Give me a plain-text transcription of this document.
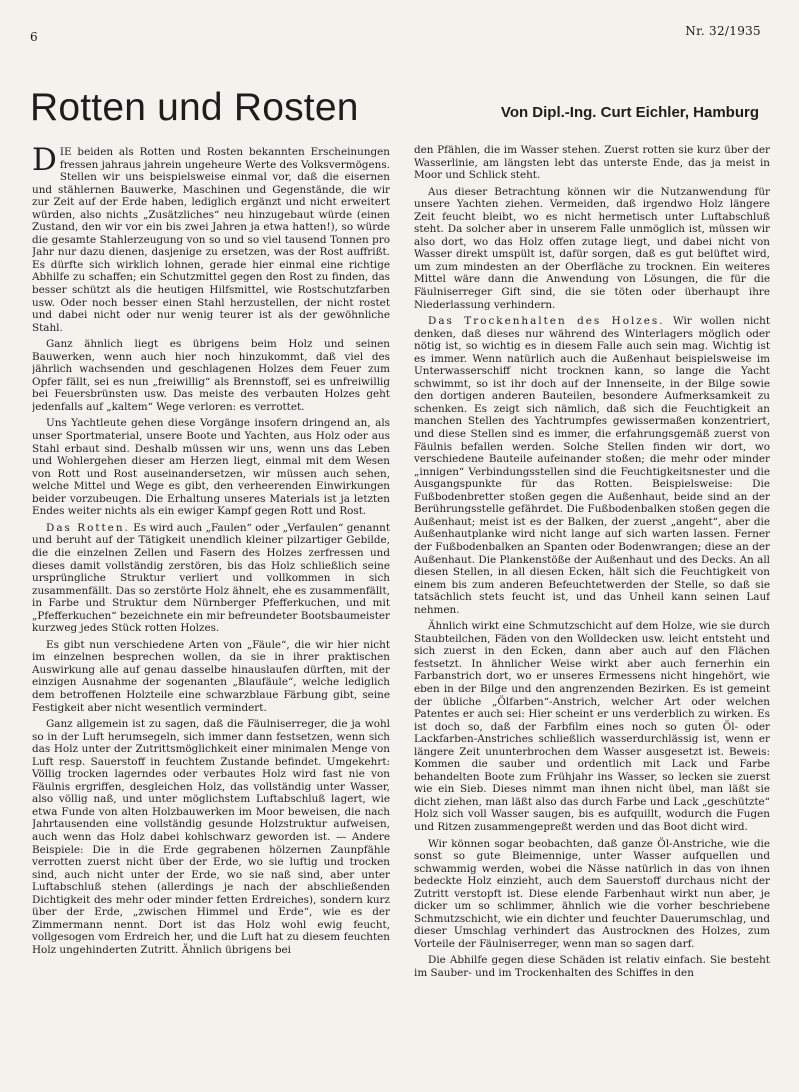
6	Nr. 32/1935
Rotten und Rosten	Von Dipl.-Ing. Curt Eichler, Hamburg

DIE beiden als Rotten und Rosten bekannten Erscheinungen fressen jahraus jahrein ungeheure Werte des Volksvermögens. Stellen wir uns beispielsweise einmal vor, daß die eisernen und stählernen Bauwerke, Maschinen und Gegenstände, die wir zur Zeit auf der Erde haben, lediglich ergänzt und nicht erweitert würden, also nichts „Zusätzliches“ neu hinzugebaut würde (einen Zustand, den wir vor ein bis zwei Jahren ja etwa hatten!), so würde die gesamte Stahlerzeugung von so und so viel tausend Tonnen pro Jahr nur dazu dienen, dasjenige zu ersetzen, was der Rost auffrißt. Es dürfte sich wirklich lohnen, gerade hier einmal eine richtige Abhilfe zu schaffen; ein Schutzmittel gegen den Rost zu finden, das besser schützt als die heutigen Hilfsmittel, wie Rostschutzfarben usw. Oder noch besser einen Stahl herzustellen, der nicht rostet und dabei nicht oder nur wenig teurer ist als der gewöhnliche Stahl.

Ganz ähnlich liegt es übrigens beim Holz und seinen Bauwerken, wenn auch hier noch hinzukommt, daß viel des jährlich wachsenden und geschlagenen Holzes dem Feuer zum Opfer fällt, sei es nun „freiwillig“ als Brennstoff, sei es unfreiwillig bei Feuersbrünsten usw. Das meiste des verbauten Holzes geht jedenfalls auf „kaltem“ Wege verloren: es verrottet.

Uns Yachtleute gehen diese Vorgänge insofern dringend an, als unser Sportmaterial, unsere Boote und Yachten, aus Holz oder aus Stahl erbaut sind. Deshalb müssen wir uns, wenn uns das Leben und Wohlergehen dieser am Herzen liegt, einmal mit dem Wesen von Rott und Rost auseinandersetzen, wir müssen auch sehen, welche Mittel und Wege es gibt, den verheerenden Einwirkungen beider vorzubeugen. Die Erhaltung unseres Materials ist ja letzten Endes weiter nichts als ein ewiger Kampf gegen Rott und Rost.

Das Rotten. Es wird auch „Faulen“ oder „Verfaulen“ genannt und beruht auf der Tätigkeit unendlich kleiner pilzartiger Gebilde, die die einzelnen Zellen und Fasern des Holzes zerfressen und dieses damit vollständig zerstören, bis das Holz schließlich seine ursprüngliche Struktur verliert und vollkommen in sich zusammenfällt. Das so zerstörte Holz ähnelt, ehe es zusammenfällt, in Farbe und Struktur dem Nürnberger Pfefferkuchen, und mit „Pfefferkuchen“ bezeichnete ein mir befreundeter Bootsbaumeister kurzweg jedes Stück rotten Holzes.

Es gibt nun verschiedene Arten von „Fäule“, die wir hier nicht im einzelnen besprechen wollen, da sie in ihrer praktischen Auswirkung alle auf genau dasselbe hinauslaufen dürften, mit der einzigen Ausnahme der sogenanten „Blaufäule“, welche lediglich dem betroffenen Holzteile eine schwarzblaue Färbung gibt, seine Festigkeit aber nicht wesentlich vermindert.

Ganz allgemein ist zu sagen, daß die Fäulniserreger, die ja wohl so in der Luft herumsegeln, sich immer dann festsetzen, wenn sich das Holz unter der Zutrittsmöglichkeit einer minimalen Menge von Luft resp. Sauerstoff in feuchtem Zustande befindet. Umgekehrt: Völlig trocken lagerndes oder verbautes Holz wird fast nie von Fäulnis ergriffen, desgleichen Holz, das vollständig unter Wasser, also völlig naß, und unter möglichstem Luftabschluß lagert, wie etwa Funde von alten Holzbauwerken im Moor beweisen, die nach Jahrtausenden eine vollständig gesunde Holzstruktur aufweisen, auch wenn das Holz dabei kohlschwarz geworden ist. — Andere Beispiele: Die in die Erde gegrabenen hölzernen Zaunpfähle verrotten zuerst nicht über der Erde, wo sie luftig und trocken sind, auch nicht unter der Erde, wo sie naß sind, aber unter Luftabschluß stehen (allerdings je nach der abschließenden Dichtigkeit des mehr oder minder fetten Erdreiches), sondern kurz über der Erde, „zwischen Himmel und Erde“, wie es der Zimmermann nennt. Dort ist das Holz wohl ewig feucht, vollgesogen vom Erdreich her, und die Luft hat zu diesem feuchten Holz ungehinderten Zutritt. Ähnlich übrigens bei

den Pfählen, die im Wasser stehen. Zuerst rotten sie kurz über der Wasserlinie, am längsten lebt das unterste Ende, das ja meist in Moor und Schlick steht.

Aus dieser Betrachtung können wir die Nutzanwendung für unsere Yachten ziehen. Vermeiden, daß irgendwo Holz längere Zeit feucht bleibt, wo es nicht hermetisch unter Luftabschluß steht. Da solcher aber in unserem Falle unmöglich ist, müssen wir also dort, wo das Holz offen zutage liegt, und dabei nicht von Wasser direkt umspült ist, dafür sorgen, daß es gut belüftet wird, um zum mindesten an der Oberfläche zu trocknen. Ein weiteres Mittel wäre dann die Anwendung von Lösungen, die für die Fäulniserreger Gift sind, die sie töten oder überhaupt ihre Niederlassung verhindern.

Das Trockenhalten des Holzes. Wir wollen nicht denken, daß dieses nur während des Winterlagers möglich oder nötig ist, so wichtig es in diesem Falle auch sein mag. Wichtig ist es immer. Wenn natürlich auch die Außenhaut beispielsweise im Unterwasserschiff nicht trocknen kann, so lange die Yacht schwimmt, so ist ihr doch auf der Innenseite, in der Bilge sowie den dortigen anderen Bauteilen, besondere Aufmerksamkeit zu schenken. Es zeigt sich nämlich, daß sich die Feuchtigkeit an manchen Stellen des Yachtrumpfes gewissermaßen konzentriert, und diese Stellen sind es immer, die erfahrungsgemäß zuerst von Fäulnis befallen werden. Solche Stellen finden wir dort, wo verschiedene Bauteile aufeinander stoßen; die mehr oder minder „innigen“ Verbindungsstellen sind die Feuchtigkeitsnester und die Ausgangspunkte für das Rotten. Beispielsweise: Die Fußbodenbretter stoßen gegen die Außenhaut, beide sind an der Berührungsstelle gefährdet. Die Fußbodenbalken stoßen gegen die Außenhaut; meist ist es der Balken, der zuerst „angeht“, aber die Außenhautplanke wird nicht lange auf sich warten lassen. Ferner der Fußbodenbalken an Spanten oder Bodenwrangen; diese an der Außenhaut. Die Plankenstöße der Außenhaut und des Decks. An all diesen Stellen, in all diesen Ecken, hält sich die Feuchtigkeit von einem bis zum anderen Befeuchtetwerden der Stelle, so daß sie tatsächlich stets feucht ist, und das Unheil kann seinen Lauf nehmen.

Ähnlich wirkt eine Schmutzschicht auf dem Holze, wie sie durch Staubteilchen, Fäden von den Wolldecken usw. leicht entsteht und sich zuerst in den Ecken, dann aber auch auf den Flächen festsetzt. In ähnlicher Weise wirkt aber auch fernerhin ein Farbanstrich dort, wo er unseres Ermessens nicht hingehört, wie eben in der Bilge und den angrenzenden Bezirken. Es ist gemeint der übliche „Ölfarben“-Anstrich, welcher Art oder welchen Patentes er auch sei: Hier scheint er uns verderblich zu wirken. Es ist doch so, daß der Farbfilm eines noch so guten Öl- oder Lackfarben-Anstriches schließlich wasserdurchlässig ist, wenn er längere Zeit ununterbrochen dem Wasser ausgesetzt ist. Beweis: Kommen die sauber und ordentlich mit Lack und Farbe behandelten Boote zum Frühjahr ins Wasser, so lecken sie zuerst wie ein Sieb. Dieses nimmt man ihnen nicht übel, man läßt sie dicht ziehen, man läßt also das durch Farbe und Lack „geschützte“ Holz sich voll Wasser saugen, bis es aufquillt, wodurch die Fugen und Ritzen zusammengepreßt werden und das Boot dicht wird.

Wir können sogar beobachten, daß ganze Öl-Anstriche, wie die sonst so gute Bleimennige, unter Wasser aufquellen und schwammig werden, wobei die Nässe natürlich in das von ihnen bedeckte Holz einzieht, auch dem Sauerstoff durchaus nicht der Zutritt verstopft ist. Diese elende Farbenhaut wirkt nun aber, je dicker um so schlimmer, ähnlich wie die vorher beschriebene Schmutzschicht, wie ein dichter und feuchter Dauerumschlag, und dieser Umschlag verhindert das Austrocknen des Holzes, zum Vorteile der Fäulniserreger, wenn man so sagen darf.

Die Abhilfe gegen diese Schäden ist relativ einfach. Sie besteht im Sauber- und im Trockenhalten des Schiffes in den
